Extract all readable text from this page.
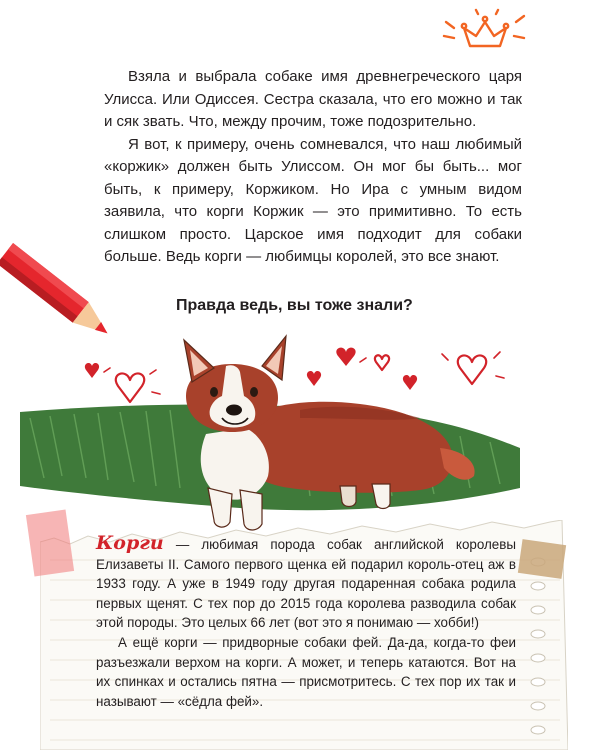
Взяла и выбрала собаке имя древнегреческого царя Улисса. Или Одиссея. Сестра сказала, что его можно и так и сяк звать. Что, между прочим, тоже подозрительно.

Я вот, к примеру, очень сомневался, что наш любимый «коржик» должен быть Улиссом. Он мог бы быть... мог быть, к примеру, Коржиком. Но Ира с умным видом заявила, что корги Коржик — это примитивно. То есть слишком просто. Царское имя подходит для собаки больше. Ведь корги — любимцы королей, это все знают.

Правда ведь, вы тоже знали?

Корги — любимая порода собак английской королевы Елизаветы II. Самого первого щенка ей подарил король-отец аж в 1933 году. А уже в 1949 году другая подаренная собака родила первых щенят. С тех пор до 2015 года королева разводила собак этой породы. Это целых 66 лет (вот это я понимаю — хобби!)

А ещё корги — придворные собаки фей. Да-да, когда-то феи разъезжали верхом на корги. А может, и теперь катаются. Вот на их спинках и остались пятна — присмотритесь. С тех пор их так и называют — «сёдла фей».
